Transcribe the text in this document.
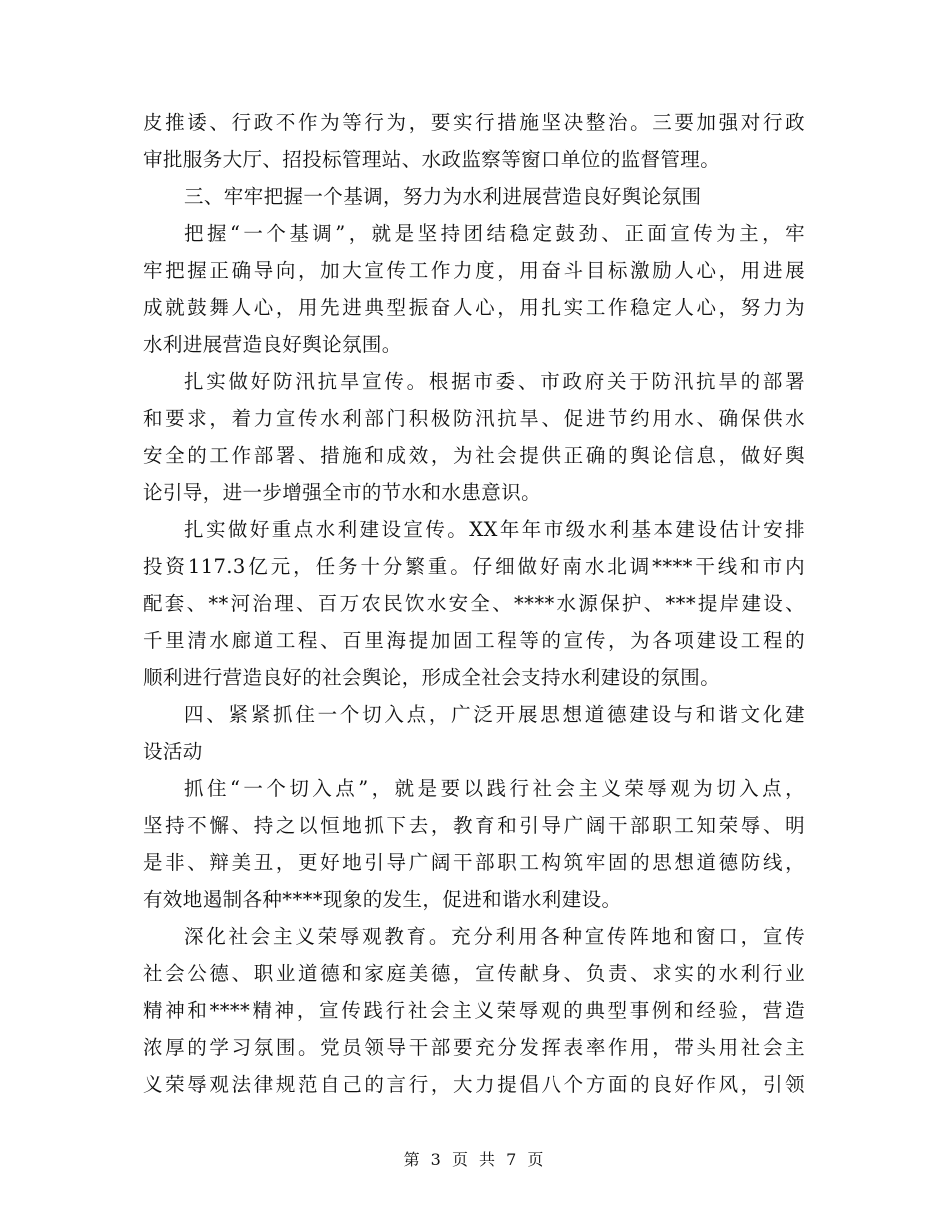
皮推诿、行政不作为等行为，要实行措施坚决整治。三要加强对行政
审批服务大厅、招投标管理站、水政监察等窗口单位的监督管理。
三、牢牢把握一个基调，努力为水利进展营造良好舆论氛围
把握“一个基调”，就是坚持团结稳定鼓劲、正面宣传为主，牢
牢把握正确导向，加大宣传工作力度，用奋斗目标激励人心，用进展
成就鼓舞人心，用先进典型振奋人心，用扎实工作稳定人心，努力为
水利进展营造良好舆论氛围。
扎实做好防汛抗旱宣传。根据市委、市政府关于防汛抗旱的部署
和要求，着力宣传水利部门积极防汛抗旱、促进节约用水、确保供水
安全的工作部署、措施和成效，为社会提供正确的舆论信息，做好舆
论引导，进一步增强全市的节水和水患意识。
扎实做好重点水利建设宣传。XX年年市级水利基本建设估计安排
投资117.3亿元，任务十分繁重。仔细做好南水北调****干线和市内
配套、**河治理、百万农民饮水安全、****水源保护、***提岸建设、
千里清水廊道工程、百里海提加固工程等的宣传，为各项建设工程的
顺利进行营造良好的社会舆论，形成全社会支持水利建设的氛围。
四、紧紧抓住一个切入点，广泛开展思想道德建设与和谐文化建
设活动
抓住“一个切入点”，就是要以践行社会主义荣辱观为切入点，
坚持不懈、持之以恒地抓下去，教育和引导广阔干部职工知荣辱、明
是非、辩美丑，更好地引导广阔干部职工构筑牢固的思想道德防线，
有效地遏制各种****现象的发生，促进和谐水利建设。
深化社会主义荣辱观教育。充分利用各种宣传阵地和窗口，宣传
社会公德、职业道德和家庭美德，宣传献身、负责、求实的水利行业
精神和****精神，宣传践行社会主义荣辱观的典型事例和经验，营造
浓厚的学习氛围。党员领导干部要充分发挥表率作用，带头用社会主
义荣辱观法律规范自己的言行，大力提倡八个方面的良好作风，引领
第 3 页 共 7 页
